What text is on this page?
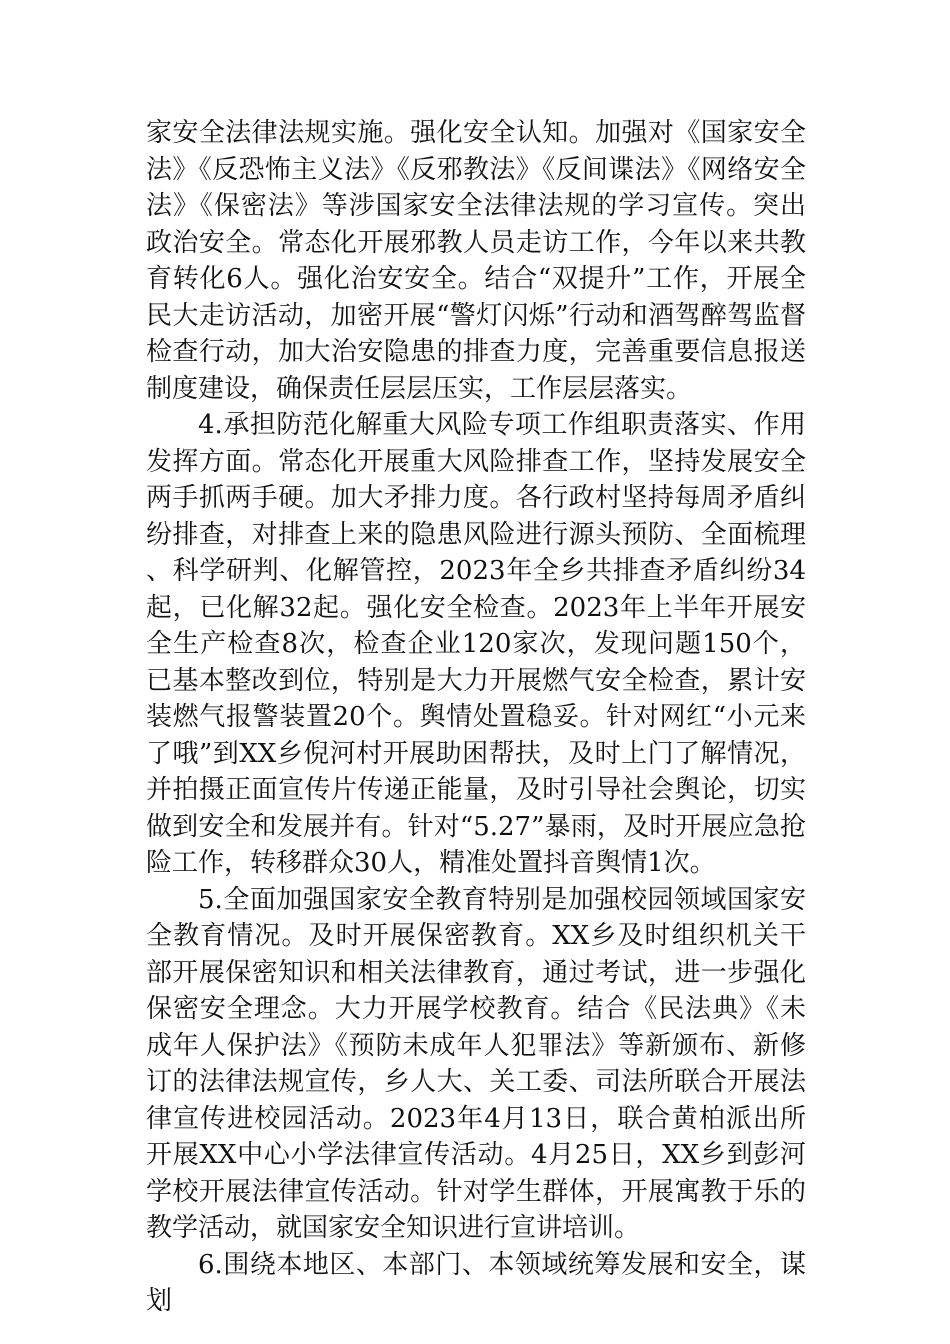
家安全法律法规实施。强化安全认知。加强对《国家安全法》《反恐怖主义法》《反邪教法》《反间谍法》《网络安全法》《保密法》等涉国家安全法律法规的学习宣传。突出政治安全。常态化开展邪教人员走访工作，今年以来共教育转化6人。强化治安安全。结合“双提升”工作，开展全民大走访活动，加密开展“警灯闪烁”行动和酒驾醉驾监督检查行动，加大治安隐患的排查力度，完善重要信息报送制度建设，确保责任层层压实，工作层层落实。

4.承担防范化解重大风险专项工作组职责落实、作用发挥方面。常态化开展重大风险排查工作，坚持发展安全两手抓两手硬。加大矛排力度。各行政村坚持每周矛盾纠纷排查，对排查上来的隐患风险进行源头预防、全面梳理、科学研判、化解管控，2023年全乡共排查矛盾纠纷34起，已化解32起。强化安全检查。2023年上半年开展安全生产检查8次，检查企业120家次，发现问题150个，已基本整改到位，特别是大力开展燃气安全检查，累计安装燃气报警装置20个。舆情处置稳妥。针对网红“小元来了哦”到XX乡倪河村开展助困帮扶，及时上门了解情况，并拍摄正面宣传片传递正能量，及时引导社会舆论，切实做到安全和发展并有。针对“5.27”暴雨，及时开展应急抢险工作，转移群众30人，精准处置抖音舆情1次。

5.全面加强国家安全教育特别是加强校园领域国家安全教育情况。及时开展保密教育。XX乡及时组织机关干部开展保密知识和相关法律教育，通过考试，进一步强化保密安全理念。大力开展学校教育。结合《民法典》《未成年人保护法》《预防未成年人犯罪法》等新颁布、新修订的法律法规宣传，乡人大、关工委、司法所联合开展法律宣传进校园活动。2023年4月13日，联合黄柏派出所开展XX中心小学法律宣传活动。4月25日，XX乡到彭河学校开展法律宣传活动。针对学生群体，开展寓教于乐的教学活动，就国家安全知识进行宣讲培训。

6.围绕本地区、本部门、本领域统筹发展和安全，谋划
